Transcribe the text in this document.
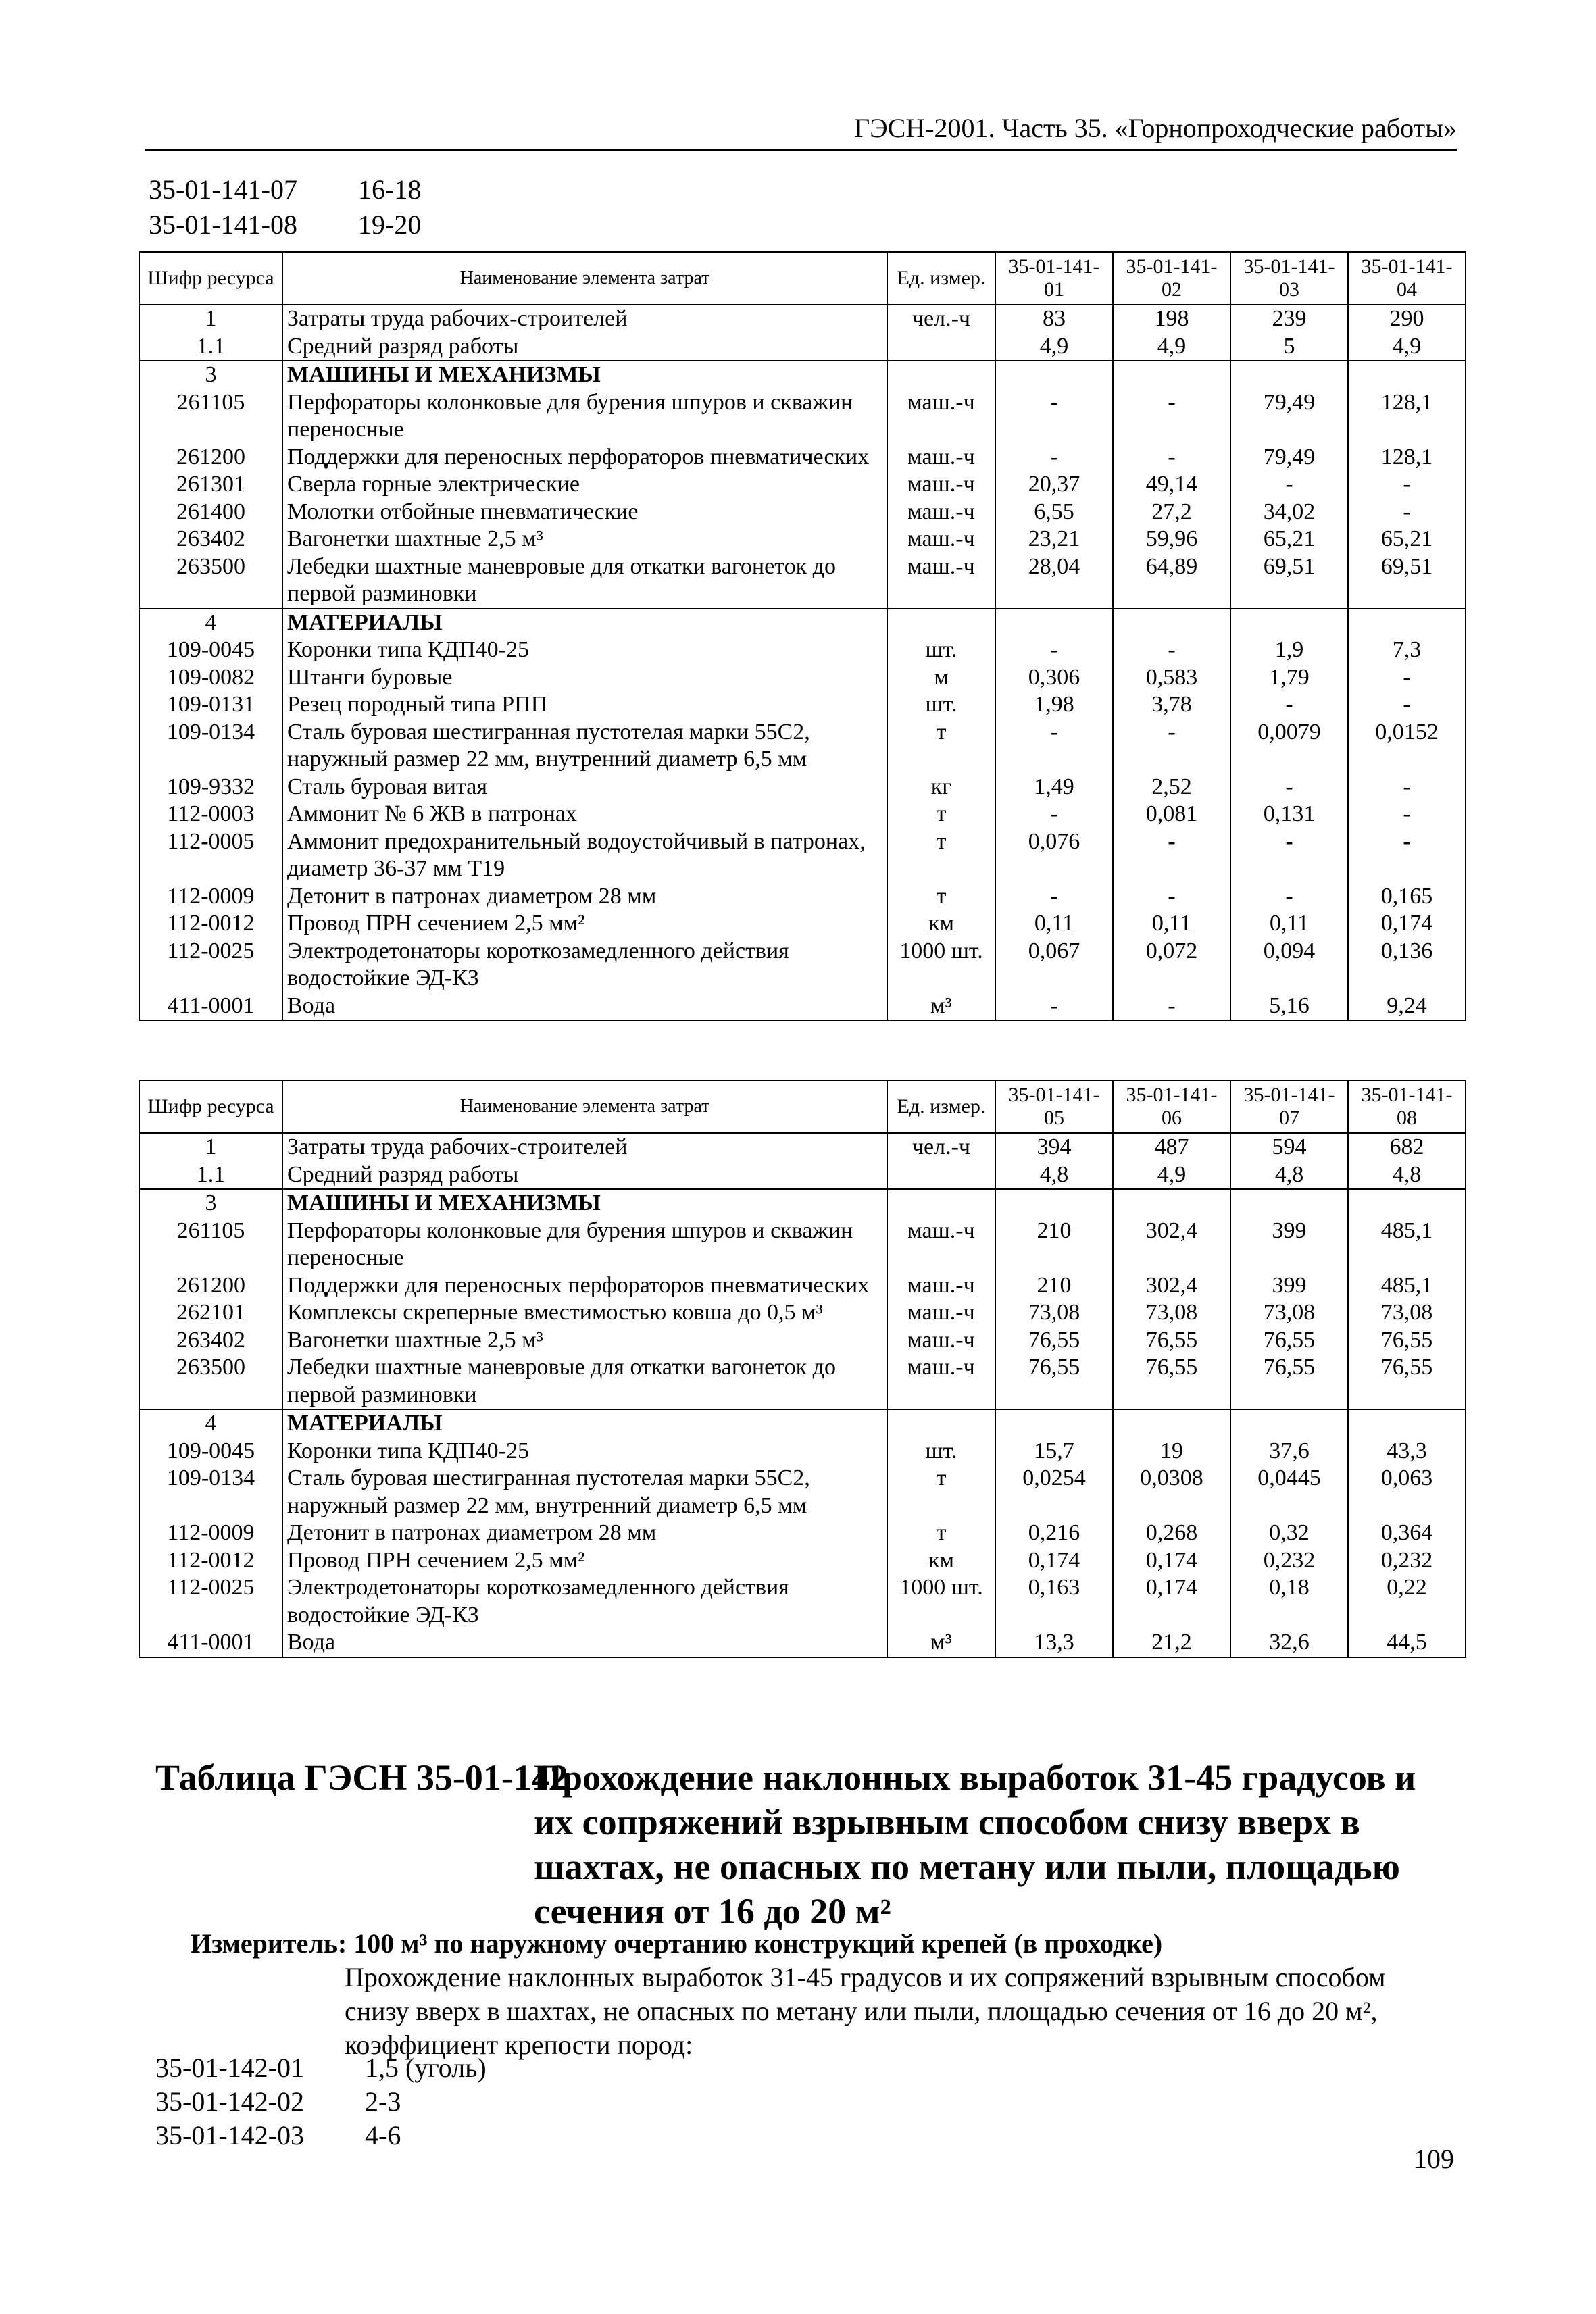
ГЭСН-2001. Часть 35. «Горнопроходческие работы»
35-01-141-07	16-18
35-01-141-08	19-20
Шифр ресурса	Наименование элемента затрат	Ед. измер.	35-01-141-01	35-01-141-02	35-01-141-03	35-01-141-04
1	Затраты труда рабочих-строителей	чел.-ч	83	198	239	290
1.1	Средний разряд работы		4,9	4,9	5	4,9
3	МАШИНЫ И МЕХАНИЗМЫ					
261105	Перфораторы колонковые для бурения шпуров и скважин переносные	маш.-ч	-	-	79,49	128,1
261200	Поддержки для переносных перфораторов пневматических	маш.-ч	-	-	79,49	128,1
261301	Сверла горные электрические	маш.-ч	20,37	49,14	-	-
261400	Молотки отбойные пневматические	маш.-ч	6,55	27,2	34,02	-
263402	Вагонетки шахтные 2,5 м³	маш.-ч	23,21	59,96	65,21	65,21
263500	Лебедки шахтные маневровые для откатки вагонеток до первой разминовки	маш.-ч	28,04	64,89	69,51	69,51
4	МАТЕРИАЛЫ					
109-0045	Коронки типа КДП40-25	шт.	-	-	1,9	7,3
109-0082	Штанги буровые	м	0,306	0,583	1,79	-
109-0131	Резец породный типа РПП	шт.	1,98	3,78	-	-
109-0134	Сталь буровая шестигранная пустотелая марки 55С2, наружный размер 22 мм, внутренний диаметр 6,5 мм	т	-	-	0,0079	0,0152
109-9332	Сталь буровая витая	кг	1,49	2,52	-	-
112-0003	Аммонит № 6 ЖВ в патронах	т	-	0,081	0,131	-
112-0005	Аммонит предохранительный водоустойчивый в патронах, диаметр 36-37 мм Т19	т	0,076	-	-	-
112-0009	Детонит в патронах диаметром 28 мм	т	-	-	-	0,165
112-0012	Провод ПРН сечением 2,5 мм²	км	0,11	0,11	0,11	0,174
112-0025	Электродетонаторы короткозамедленного действия водостойкие ЭД-КЗ	1000 шт.	0,067	0,072	0,094	0,136
411-0001	Вода	м³	-	-	5,16	9,24
Шифр ресурса	Наименование элемента затрат	Ед. измер.	35-01-141-05	35-01-141-06	35-01-141-07	35-01-141-08
1	Затраты труда рабочих-строителей	чел.-ч	394	487	594	682
1.1	Средний разряд работы		4,8	4,9	4,8	4,8
3	МАШИНЫ И МЕХАНИЗМЫ					
261105	Перфораторы колонковые для бурения шпуров и скважин переносные	маш.-ч	210	302,4	399	485,1
261200	Поддержки для переносных перфораторов пневматических	маш.-ч	210	302,4	399	485,1
262101	Комплексы скреперные вместимостью ковша до 0,5 м³	маш.-ч	73,08	73,08	73,08	73,08
263402	Вагонетки шахтные 2,5 м³	маш.-ч	76,55	76,55	76,55	76,55
263500	Лебедки шахтные маневровые для откатки вагонеток до первой разминовки	маш.-ч	76,55	76,55	76,55	76,55
4	МАТЕРИАЛЫ					
109-0045	Коронки типа КДП40-25	шт.	15,7	19	37,6	43,3
109-0134	Сталь буровая шестигранная пустотелая марки 55С2, наружный размер 22 мм, внутренний диаметр 6,5 мм	т	0,0254	0,0308	0,0445	0,063
112-0009	Детонит в патронах диаметром 28 мм	т	0,216	0,268	0,32	0,364
112-0012	Провод ПРН сечением 2,5 мм²	км	0,174	0,174	0,232	0,232
112-0025	Электродетонаторы короткозамедленного действия водостойкие ЭД-КЗ	1000 шт.	0,163	0,174	0,18	0,22
411-0001	Вода	м³	13,3	21,2	32,6	44,5
Таблица ГЭСН 35-01-142
Прохождение наклонных выработок 31-45 градусов и их сопряжений взрывным способом снизу вверх в шахтах, не опасных по метану или пыли, площадью сечения от 16 до 20 м²
Измеритель: 100 м³ по наружному очертанию конструкций крепей (в проходке)
Прохождение наклонных выработок 31-45 градусов и их сопряжений взрывным способом снизу вверх в шахтах, не опасных по метану или пыли, площадью сечения от 16 до 20 м², коэффициент крепости пород:
35-01-142-01	1,5 (уголь)
35-01-142-02	2-3
35-01-142-03	4-6
109
